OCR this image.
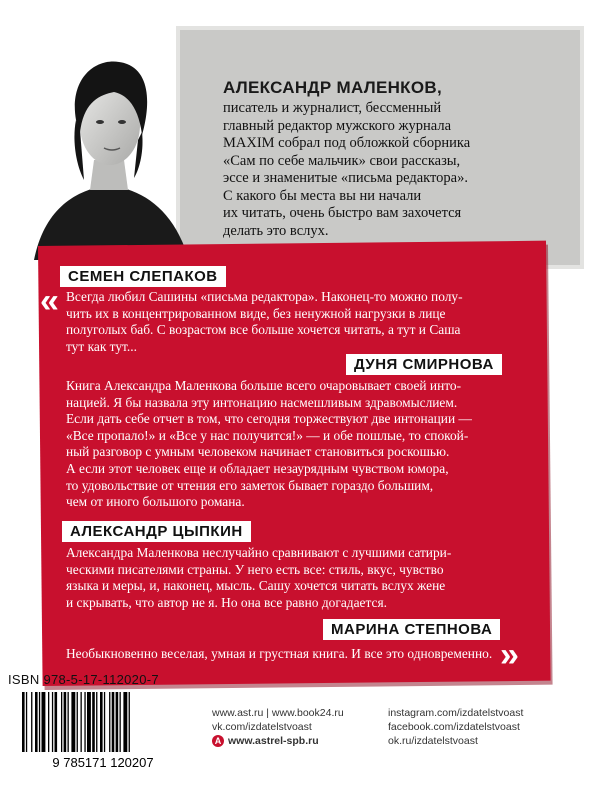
АЛЕКСАНДР МАЛЕНКОВ,
писатель и журналист, бессменный
главный редактор мужского журнала
MAXIM собрал под обложкой сборника
«Сам по себе мальчик» свои рассказы,
эссе и знаменитые «письма редактора».
С какого бы места вы ни начали
их читать, очень быстро вам захочется
делать это вслух.
СЕМЕН СЛЕПАКОВ
« Всегда любил Сашины «письма редактора». Наконец-то можно полу-
чить их в концентрированном виде, без ненужной нагрузки в лице
полуголых баб. С возрастом все больше хочется читать, а тут и Саша
тут как тут...
ДУНЯ СМИРНОВА
Книга Александра Маленкова больше всего очаровывает своей инто-
нацией. Я бы назвала эту интонацию насмешливым здравомыслием.
Если дать себе отчет в том, что сегодня торжествуют две интонации —
«Все пропало!» и «Все у нас получится!» — и обе пошлые, то спокой-
ный разговор с умным человеком начинает становиться роскошью.
А если этот человек еще и обладает незаурядным чувством юмора,
то удовольствие от чтения его заметок бывает гораздо большим,
чем от иного большого романа.
АЛЕКСАНДР ЦЫПКИН
Александра Маленкова неслучайно сравнивают с лучшими сатири-
ческими писателями страны. У него есть все: стиль, вкус, чувство
языка и меры, и, наконец, мысль. Сашу хочется читать вслух жене
и скрывать, что автор не я. Но она все равно догадается.
МАРИНА СТЕПНОВА
Необыкновенно веселая, умная и грустная книга. И все это одновременно. »
ISBN 978-5-17-112020-7
9 785171 120207
www.ast.ru | www.book24.ru
vk.com/izdatelstvoast
А www.astrel-spb.ru
instagram.com/izdatelstvoast
facebook.com/izdatelstvoast
ok.ru/izdatelstvoast
